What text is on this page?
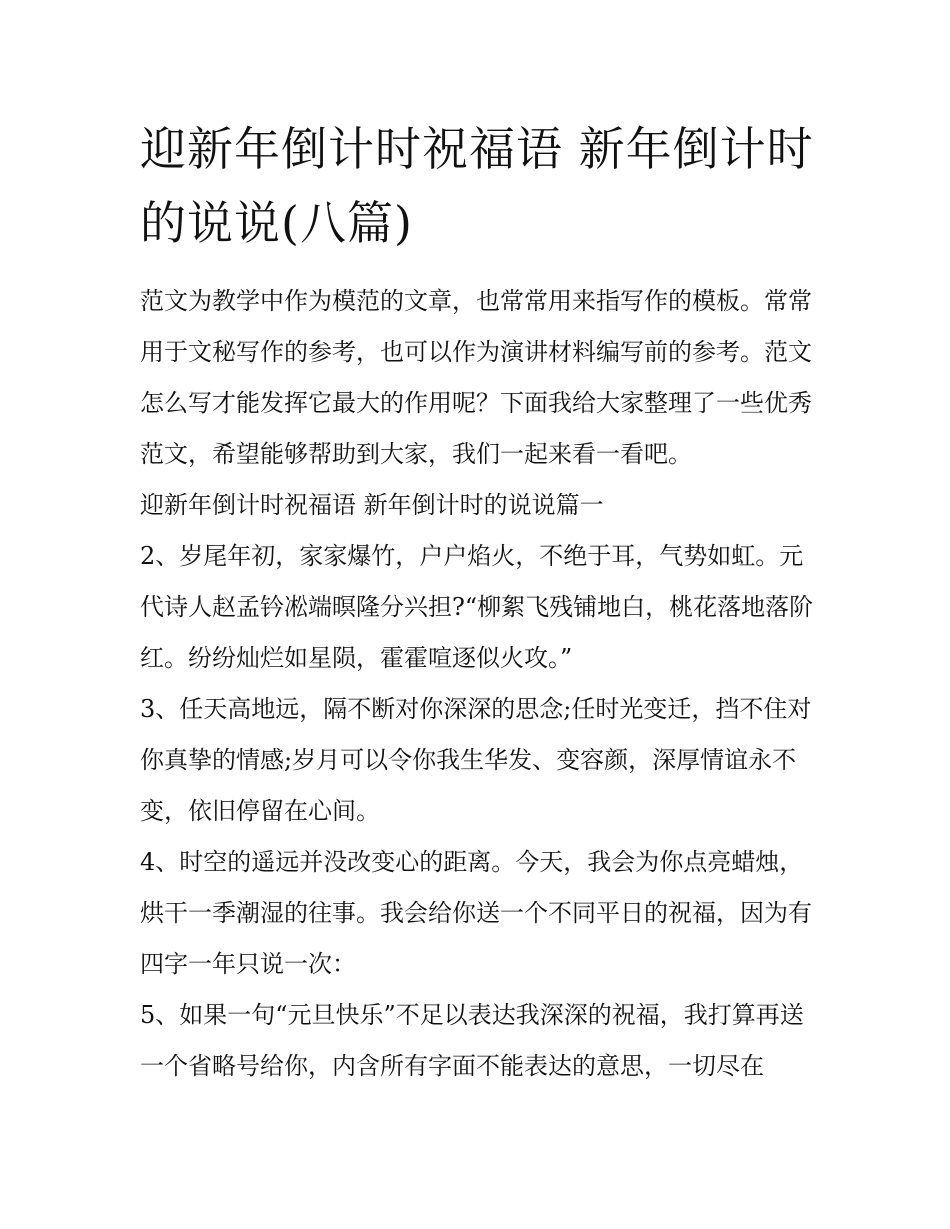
迎新年倒计时祝福语 新年倒计时的说说(八篇)

范文为教学中作为模范的文章，也常常用来指写作的模板。常常用于文秘写作的参考，也可以作为演讲材料编写前的参考。范文怎么写才能发挥它最大的作用呢？下面我给大家整理了一些优秀范文，希望能够帮助到大家，我们一起来看一看吧。

迎新年倒计时祝福语 新年倒计时的说说篇一

2、岁尾年初，家家爆竹，户户焰火，不绝于耳，气势如虹。元代诗人赵孟钤凇端暝隆分兴担?“柳絮飞残铺地白，桃花落地落阶红。纷纷灿烂如星陨，霍霍喧逐似火攻。”

3、任天高地远，隔不断对你深深的思念;任时光变迁，挡不住对你真挚的情感;岁月可以令你我生华发、变容颜，深厚情谊永不变，依旧停留在心间。

4、时空的遥远并没改变心的距离。今天，我会为你点亮蜡烛，烘干一季潮湿的往事。我会给你送一个不同平日的祝福，因为有四字一年只说一次：

5、如果一句“元旦快乐”不足以表达我深深的祝福，我打算再送一个省略号给你，内含所有字面不能表达的意思，一切尽在
